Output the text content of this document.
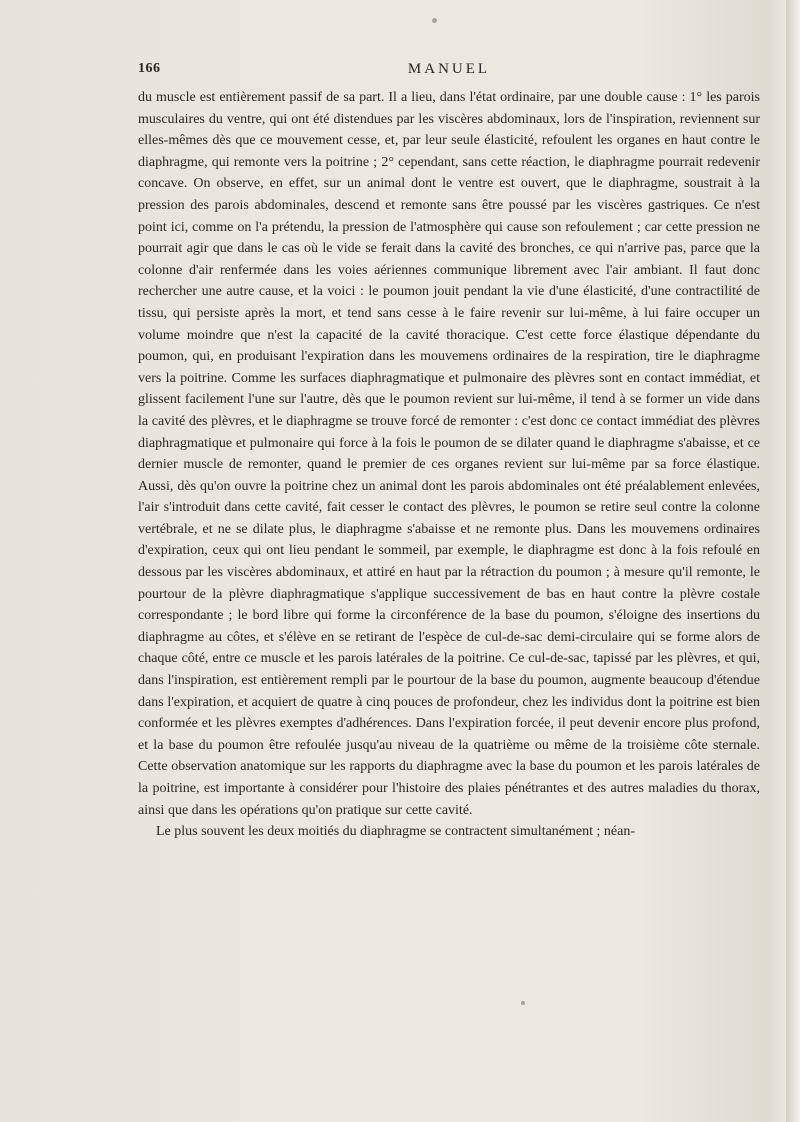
MANUEL
166

du muscle est entièrement passif de sa part. Il a lieu, dans l'état ordinaire, par une double cause : 1° les parois musculaires du ventre, qui ont été distendues par les viscères abdominaux, lors de l'inspiration, reviennent sur elles-mêmes dès que ce mouvement cesse, et, par leur seule élasticité, refoulent les organes en haut contre le diaphragme, qui remonte vers la poitrine ; 2° cependant, sans cette réaction, le diaphragme pourrait redevenir concave. On observe, en effet, sur un animal dont le ventre est ouvert, que le diaphragme, soustrait à la pression des parois abdominales, descend et remonte sans être poussé par les viscères gastriques. Ce n'est point ici, comme on l'a prétendu, la pression de l'atmosphère qui cause son refoulement ; car cette pression ne pourrait agir que dans le cas où le vide se ferait dans la cavité des bronches, ce qui n'arrive pas, parce que la colonne d'air renfermée dans les voies aériennes communique librement avec l'air ambiant. Il faut donc rechercher une autre cause, et la voici : le poumon jouit pendant la vie d'une élasticité, d'une contractilité de tissu, qui persiste après la mort, et tend sans cesse à le faire revenir sur lui-même, à lui faire occuper un volume moindre que n'est la capacité de la cavité thoracique. C'est cette force élastique dépendante du poumon, qui, en produisant l'expiration dans les mouvemens ordinaires de la respiration, tire le diaphragme vers la poitrine. Comme les surfaces diaphragmatique et pulmonaire des plèvres sont en contact immédiat, et glissent facilement l'une sur l'autre, dès que le poumon revient sur lui-même, il tend à se former un vide dans la cavité des plèvres, et le diaphragme se trouve forcé de remonter : c'est donc ce contact immédiat des plèvres diaphragmatique et pulmonaire qui force à la fois le poumon de se dilater quand le diaphragme s'abaisse, et ce dernier muscle de remonter, quand le premier de ces organes revient sur lui-même par sa force élastique. Aussi, dès qu'on ouvre la poitrine chez un animal dont les parois abdominales ont été préalablement enlevées, l'air s'introduit dans cette cavité, fait cesser le contact des plèvres, le poumon se retire seul contre la colonne vertébrale, et ne se dilate plus, le diaphragme s'abaisse et ne remonte plus. Dans les mouvemens ordinaires d'expiration, ceux qui ont lieu pendant le sommeil, par exemple, le diaphragme est donc à la fois refoulé en dessous par les viscères abdominaux, et attiré en haut par la rétraction du poumon ; à mesure qu'il remonte, le pourtour de la plèvre diaphragmatique s'applique successivement de bas en haut contre la plèvre costale correspondante ; le bord libre qui forme la circonférence de la base du poumon, s'éloigne des insertions du diaphragme au côtes, et s'élève en se retirant de l'espèce de cul-de-sac demi-circulaire qui se forme alors de chaque côté, entre ce muscle et les parois latérales de la poitrine. Ce cul-de-sac, tapissé par les plèvres, et qui, dans l'inspiration, est entièrement rempli par le pourtour de la base du poumon, augmente beaucoup d'étendue dans l'expiration, et acquiert de quatre à cinq pouces de profondeur, chez les individus dont la poitrine est bien conformée et les plèvres exemptes d'adhérences. Dans l'expiration forcée, il peut devenir encore plus profond, et la base du poumon être refoulée jusqu'au niveau de la quatrième ou même de la troisième côte sternale. Cette observation anatomique sur les rapports du diaphragme avec la base du poumon et les parois latérales de la poitrine, est importante à considérer pour l'histoire des plaies pénétrantes et des autres maladies du thorax, ainsi que dans les opérations qu'on pratique sur cette cavité.

Le plus souvent les deux moitiés du diaphragme se contractent simultanément ; néan-
